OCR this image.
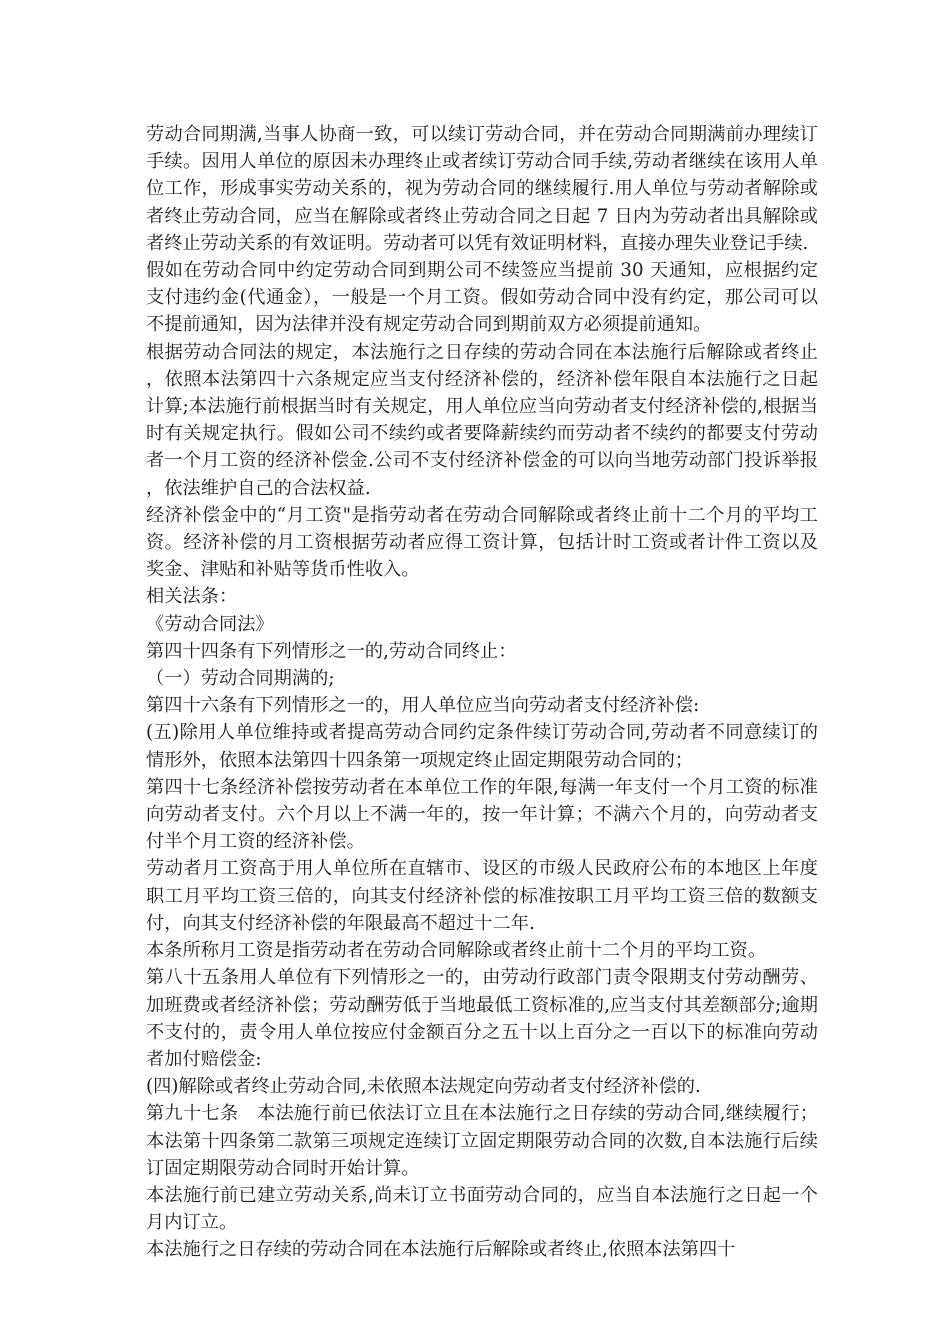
劳动合同期满,当事人协商一致，可以续订劳动合同，并在劳动合同期满前办理续订手续。因用人单位的原因未办理终止或者续订劳动合同手续,劳动者继续在该用人单位工作，形成事实劳动关系的，视为劳动合同的继续履行.用人单位与劳动者解除或者终止劳动合同，应当在解除或者终止劳动合同之日起 7 日内为劳动者出具解除或者终止劳动关系的有效证明。劳动者可以凭有效证明材料，直接办理失业登记手续.

假如在劳动合同中约定劳动合同到期公司不续签应当提前 30 天通知，应根据约定支付违约金(代通金），一般是一个月工资。假如劳动合同中没有约定，那公司可以不提前通知，因为法律并没有规定劳动合同到期前双方必须提前通知。

根据劳动合同法的规定，本法施行之日存续的劳动合同在本法施行后解除或者终止，依照本法第四十六条规定应当支付经济补偿的，经济补偿年限自本法施行之日起计算;本法施行前根据当时有关规定，用人单位应当向劳动者支付经济补偿的,根据当时有关规定执行。假如公司不续约或者要降薪续约而劳动者不续约的都要支付劳动者一个月工资的经济补偿金.公司不支付经济补偿金的可以向当地劳动部门投诉举报，依法维护自己的合法权益.

经济补偿金中的“月工资"是指劳动者在劳动合同解除或者终止前十二个月的平均工资。经济补偿的月工资根据劳动者应得工资计算，包括计时工资或者计件工资以及奖金、津贴和补贴等货币性收入。

相关法条：

《劳动合同法》

第四十四条有下列情形之一的,劳动合同终止：

（一）劳动合同期满的;

第四十六条有下列情形之一的，用人单位应当向劳动者支付经济补偿:

(五)除用人单位维持或者提高劳动合同约定条件续订劳动合同,劳动者不同意续订的情形外，依照本法第四十四条第一项规定终止固定期限劳动合同的；

第四十七条经济补偿按劳动者在本单位工作的年限,每满一年支付一个月工资的标准向劳动者支付。六个月以上不满一年的，按一年计算；不满六个月的，向劳动者支付半个月工资的经济补偿。

劳动者月工资高于用人单位所在直辖市、设区的市级人民政府公布的本地区上年度职工月平均工资三倍的，向其支付经济补偿的标准按职工月平均工资三倍的数额支付，向其支付经济补偿的年限最高不超过十二年.

本条所称月工资是指劳动者在劳动合同解除或者终止前十二个月的平均工资。

第八十五条用人单位有下列情形之一的，由劳动行政部门责令限期支付劳动酬劳、加班费或者经济补偿；劳动酬劳低于当地最低工资标准的,应当支付其差额部分;逾期不支付的，责令用人单位按应付金额百分之五十以上百分之一百以下的标准向劳动者加付赔偿金:

(四)解除或者终止劳动合同,未依照本法规定向劳动者支付经济补偿的.

第九十七条　本法施行前已依法订立且在本法施行之日存续的劳动合同,继续履行；本法第十四条第二款第三项规定连续订立固定期限劳动合同的次数,自本法施行后续订固定期限劳动合同时开始计算。

本法施行前已建立劳动关系,尚未订立书面劳动合同的，应当自本法施行之日起一个月内订立。

本法施行之日存续的劳动合同在本法施行后解除或者终止,依照本法第四十
